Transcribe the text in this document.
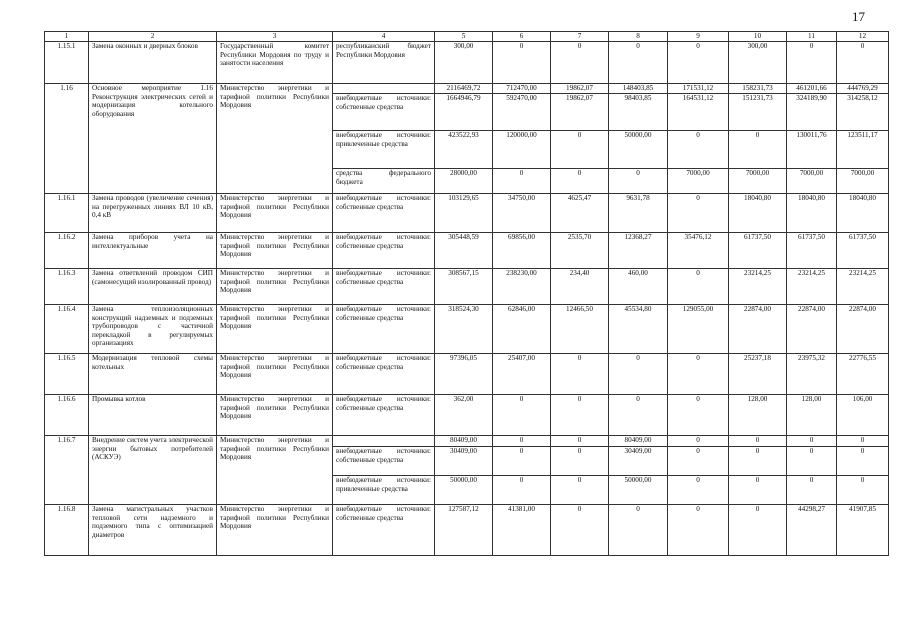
17
1	2	3	4	5	6	7	8	9	10	11	12
1.15.1	Замена оконных и дверных блоков	Государственный комитет Республики Мордовия по труду и занятости населения	республиканский бюджет Республики Мордовия	300,00	0	0	0	0	300,00	0	0
1.16	Основное мероприятие 1.16 Реконструкция электрических сетей и модернизация котельного оборудования	Министерство энергетики и тарифной политики Республики Мордовия		2116469,72	712470,00	19862,07	148403,85	171531,12	158231,73	461201,66	444769,29
			внебюджетные источники: собственные средства	1664946,79	592470,00	19862,07	98403,85	164531,12	151231,73	324189,90	314258,12
			внебюджетные источники: привлеченные средства	423522,93	120000,00	0	50000,00	0	0	130011,76	123511,17
			средства федерального бюджета	28000,00	0	0	0	7000,00	7000,00	7000,00	7000,00
1.16.1	Замена проводов (увеличение сечения) на перегруженных линиях ВЛ 10 кВ, 0,4 кВ	Министерство энергетики и тарифной политики Республики Мордовия	внебюджетные источники: собственные средства	103129,65	34750,00	4625,47	9631,78	0	18040,80	18040,80	18040,80
1.16.2	Замена приборов учета на интеллектуальные	Министерство энергетики и тарифной политики Республики Мордовия	внебюджетные источники: собственные средства	305448,59	69856,00	2535,70	12368,27	35476,12	61737,50	61737,50	61737,50
1.16.3	Замена ответвлений проводом СИП (самонесущий изолированный провод)	Министерство энергетики и тарифной политики Республики Мордовия	внебюджетные источники: собственные средства	308567,15	238230,00	234,40	460,00	0	23214,25	23214,25	23214,25
1.16.4	Замена теплоизоляционных конструкций надземных и подземных трубопроводов с частичной перекладкой в регулируемых организациях	Министерство энергетики и тарифной политики Республики Мордовия	внебюджетные источники: собственные средства	318524,30	62846,00	12466,50	45534,80	129055,00	22874,00	22874,00	22874,00
1.16.5	Модернизация тепловой схемы котельных	Министерство энергетики и тарифной политики Республики Мордовия	внебюджетные источники: собственные средства	97396,05	25407,00	0	0	0	25237,18	23975,32	22776,55
1.16.6	Промывка котлов	Министерство энергетики и тарифной политики Республики Мордовия	внебюджетные источники: собственные средства	362,00	0	0	0	0	128,00	128,00	106,00
1.16.7	Внедрение систем учета электрической энергии бытовых потребителей (АСКУЭ)	Министерство энергетики и тарифной политики Республики Мордовия		80409,00	0	0	80409,00	0	0	0	0
			внебюджетные источники: собственные средства	30409,00	0	0	30409,00	0	0	0	0
			внебюджетные источники: привлеченные средства	50000,00	0	0	50000,00	0	0	0	0
1.16.8	Замена магистральных участков тепловой сети надземного и подземного типа с оптимизацией диаметров	Министерство энергетики и тарифной политики Республики Мордовия	внебюджетные источники: собственные средства	127587,12	41381,00	0	0	0	0	44298,27	41907,85
